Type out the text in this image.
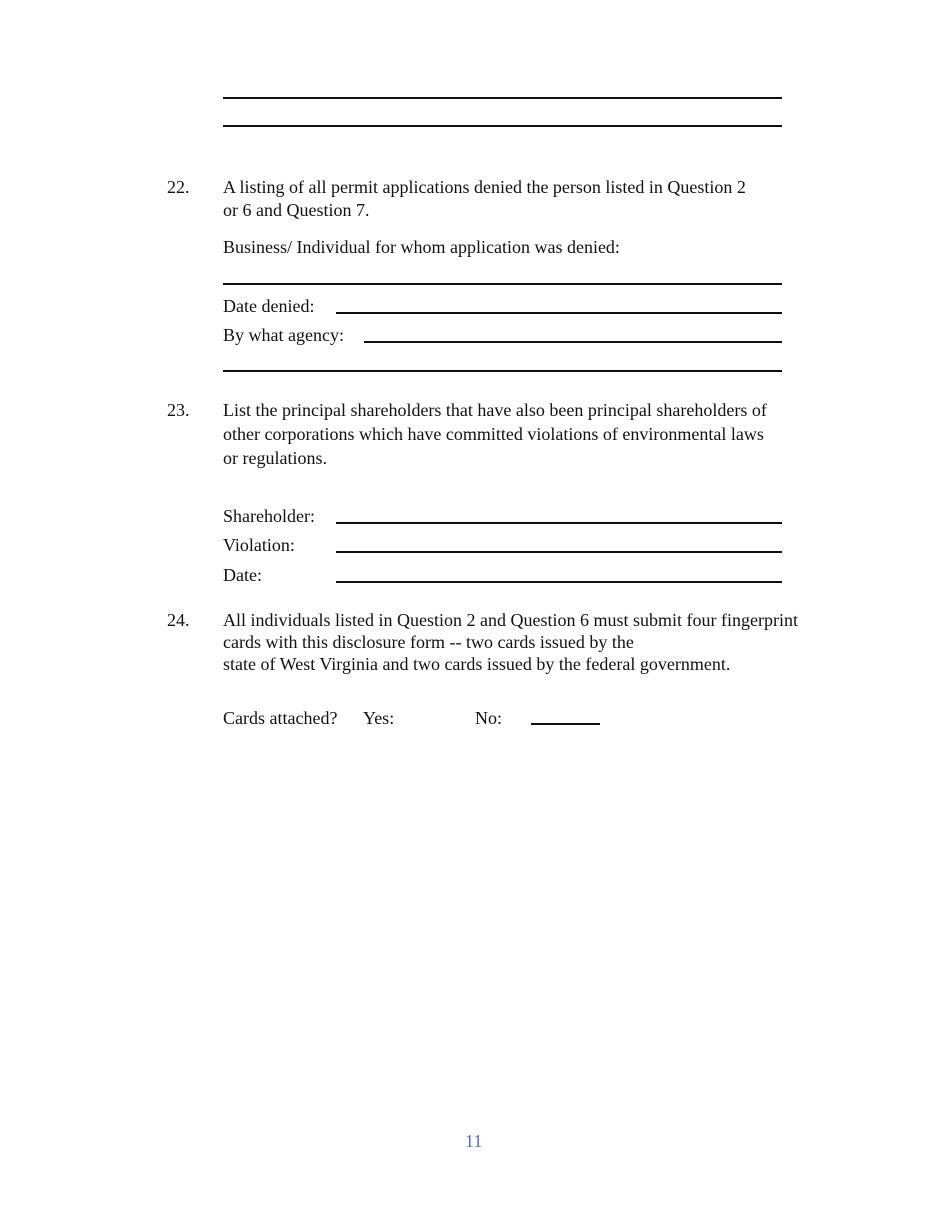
22. A listing of all permit applications denied the person listed in Question 2
or 6 and Question 7.
Business/ Individual for whom application was denied:
Date denied:
By what agency:
23. List the principal shareholders that have also been principal shareholders of
other corporations which have committed violations of environmental laws
or regulations.
Shareholder:
Violation:
Date:
24. All individuals listed in Question 2 and Question 6 must submit four fingerprint
cards with this disclosure form -- two cards issued by the
state of West Virginia and two cards issued by the federal government.
Cards attached? Yes:	No:
11
